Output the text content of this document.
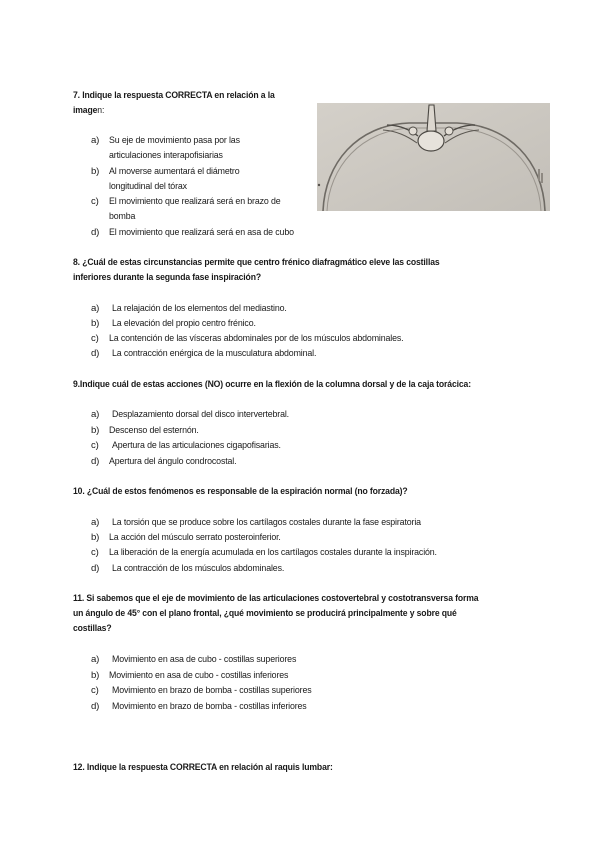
7. Indique la respuesta CORRECTA en relación a la
imagen:
a) Su eje de movimiento pasa por las
articulaciones interapofisiarias
b) Al moverse aumentará el diámetro
longitudinal del tórax
c) El movimiento que realizará será en brazo de
bomba
d) El movimiento que realizará será en asa de cubo
8. ¿Cuál de estas circunstancias permite que centro frénico diafragmático eleve las costillas
inferiores durante la segunda fase inspiración?
a) La relajación de los elementos del mediastino.
b) La elevación del propio centro frénico.
c) La contención de las vísceras abdominales por de los músculos abdominales.
d) La contracción enérgica de la musculatura abdominal.
9.Indique cuál de estas acciones (NO) ocurre en la flexión de la columna dorsal y de la caja torácica:
a) Desplazamiento dorsal del disco intervertebral.
b) Descenso del esternón.
c) Apertura de las articulaciones cigapofisarias.
d) Apertura del ángulo condrocostal.
10. ¿Cuál de estos fenómenos es responsable de la espiración normal (no forzada)?
a) La torsión que se produce sobre los cartílagos costales durante la fase espiratoria
b) La acción del músculo serrato posteroinferior.
c) La liberación de la energía acumulada en los cartílagos costales durante la inspiración.
d) La contracción de los músculos abdominales.
11. Si sabemos que el eje de movimiento de las articulaciones costovertebral y costotransversa forma
un ángulo de 45° con el plano frontal, ¿qué movimiento se producirá principalmente y sobre qué
costillas?
a) Movimiento en asa de cubo - costillas superiores
b) Movimiento en asa de cubo - costillas inferiores
c) Movimiento en brazo de bomba - costillas superiores
d) Movimiento en brazo de bomba - costillas inferiores
12. Indique la respuesta CORRECTA en relación al raquis lumbar:
